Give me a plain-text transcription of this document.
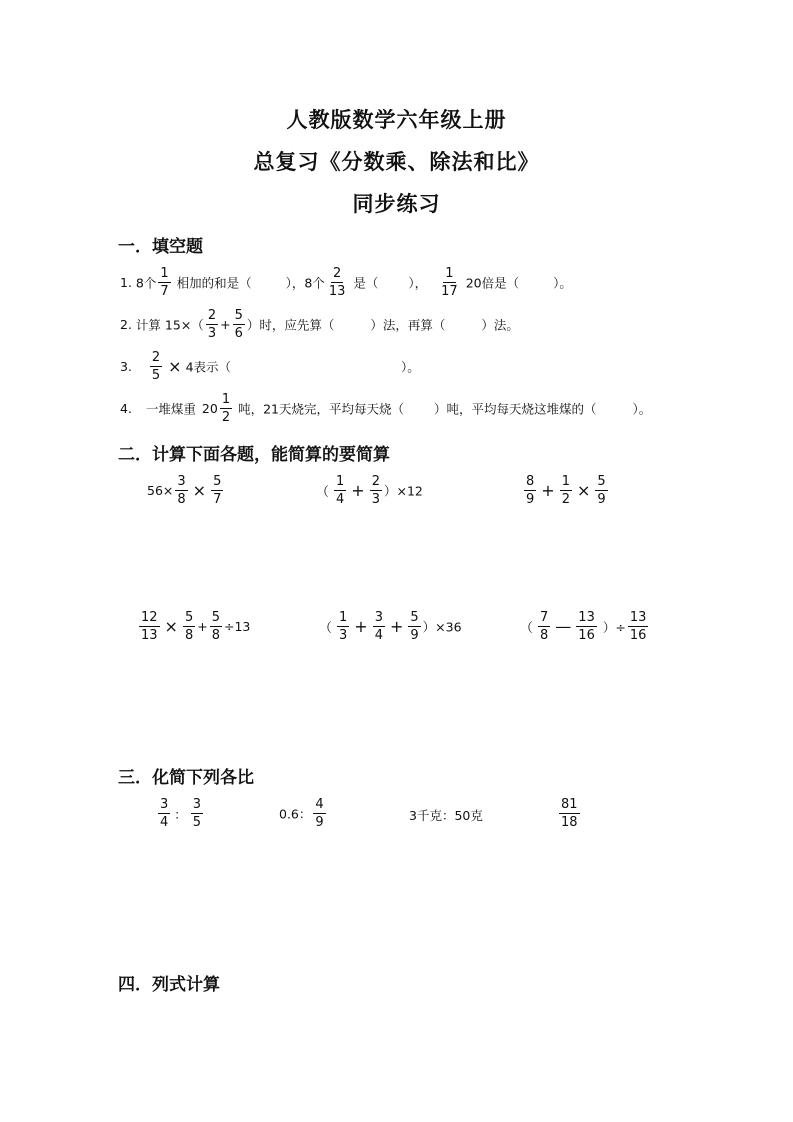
人教版数学六年级上册
总复习《分数乘、除法和比》
同步练习
一．填空题
1. 8个 $\frac{1}{7}$ 相加的和是（	），8个 $\frac{2}{13}$ 是（ ）， $\frac{1}{17} 20$倍是（	）。
2. 计算 $15\times( \frac{2}{3} + \frac{5}{6}$ ）时，应先算（	）法，再算（	）法。
3. $\frac{2}{5} \times 4$表示（	）。
4. 一堆煤重 $20 \frac{1}{2}$ 吨，21天烧完，平均每天烧（ ）吨，平均每天烧这堆煤的（	）。
二．计算下面各题，能简算的要简算
$56\times \frac{3}{8} \times \frac{5}{7}$	（ $\frac{1}{4} + \frac{2}{3} )\times 12$	$\frac{8}{9} + \frac{1}{2} \times \frac{5}{9}$
$\frac{12}{13} \times \frac{5}{8} + \frac{5}{8} \div 13$	（ $\frac{1}{3} + \frac{3}{4} + \frac{5}{9} )\times 36$	（ $\frac{7}{8}$ — $\frac{13}{16}$ ）÷ $\frac{13}{16}$
三．化简下列各比
$\frac{3}{4}$ ： $\frac{3}{5}$	0.6： $\frac{4}{9}$	3千克：50克	$\frac{81}{18}$
四．列式计算
